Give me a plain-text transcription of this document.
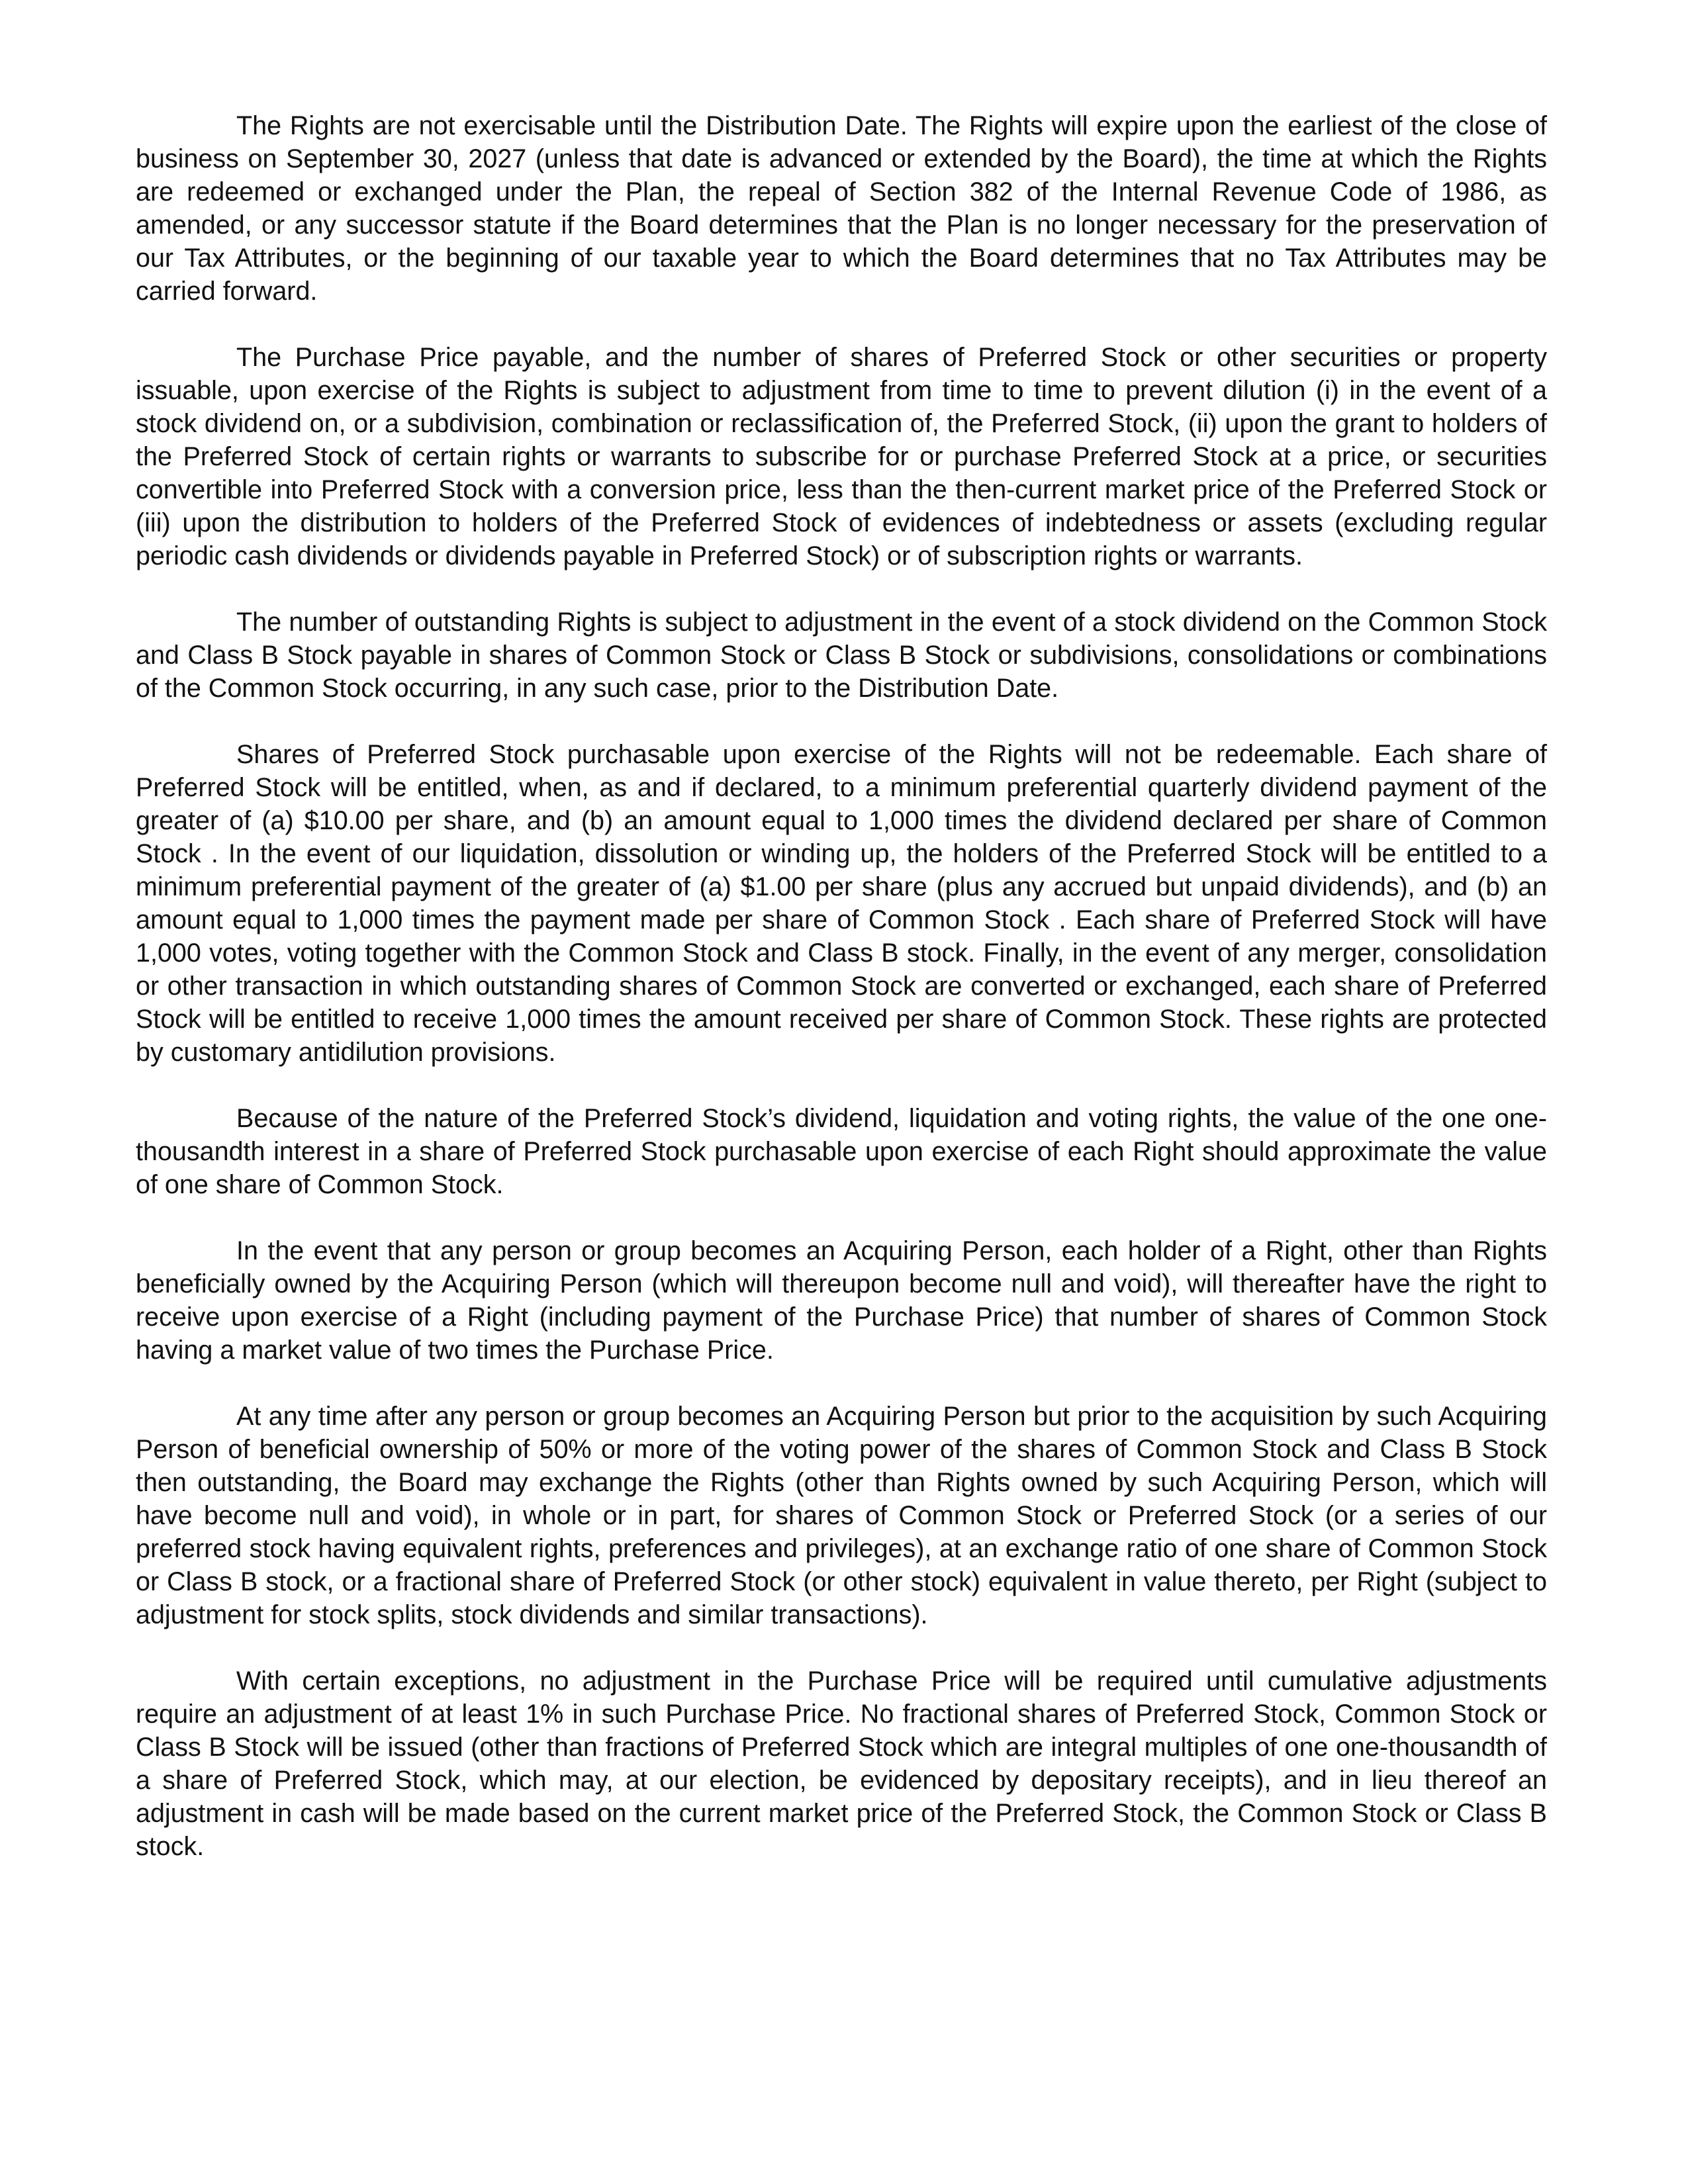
The Rights are not exercisable until the Distribution Date. The Rights will expire upon the earliest of the close of business on September 30, 2027 (unless that date is advanced or extended by the Board), the time at which the Rights are redeemed or exchanged under the Plan, the repeal of Section 382 of the Internal Revenue Code of 1986, as amended, or any successor statute if the Board determines that the Plan is no longer necessary for the preservation of our Tax Attributes, or the beginning of our taxable year to which the Board determines that no Tax Attributes may be carried forward.

The Purchase Price payable, and the number of shares of Preferred Stock or other securities or property issuable, upon exercise of the Rights is subject to adjustment from time to time to prevent dilution (i) in the event of a stock dividend on, or a subdivision, combination or reclassification of, the Preferred Stock, (ii) upon the grant to holders of the Preferred Stock of certain rights or warrants to subscribe for or purchase Preferred Stock at a price, or securities convertible into Preferred Stock with a conversion price, less than the then-current market price of the Preferred Stock or (iii) upon the distribution to holders of the Preferred Stock of evidences of indebtedness or assets (excluding regular periodic cash dividends or dividends payable in Preferred Stock) or of subscription rights or warrants.

The number of outstanding Rights is subject to adjustment in the event of a stock dividend on the Common Stock and Class B Stock payable in shares of Common Stock or Class B Stock or subdivisions, consolidations or combinations of the Common Stock occurring, in any such case, prior to the Distribution Date.

Shares of Preferred Stock purchasable upon exercise of the Rights will not be redeemable. Each share of Preferred Stock will be entitled, when, as and if declared, to a minimum preferential quarterly dividend payment of the greater of (a) $10.00 per share, and (b) an amount equal to 1,000 times the dividend declared per share of Common Stock . In the event of our liquidation, dissolution or winding up, the holders of the Preferred Stock will be entitled to a minimum preferential payment of the greater of (a) $1.00 per share (plus any accrued but unpaid dividends), and (b) an amount equal to 1,000 times the payment made per share of Common Stock . Each share of Preferred Stock will have 1,000 votes, voting together with the Common Stock and Class B stock. Finally, in the event of any merger, consolidation or other transaction in which outstanding shares of Common Stock are converted or exchanged, each share of Preferred Stock will be entitled to receive 1,000 times the amount received per share of Common Stock. These rights are protected by customary antidilution provisions.

Because of the nature of the Preferred Stock’s dividend, liquidation and voting rights, the value of the one one-thousandth interest in a share of Preferred Stock purchasable upon exercise of each Right should approximate the value of one share of Common Stock.

In the event that any person or group becomes an Acquiring Person, each holder of a Right, other than Rights beneficially owned by the Acquiring Person (which will thereupon become null and void), will thereafter have the right to receive upon exercise of a Right (including payment of the Purchase Price) that number of shares of Common Stock having a market value of two times the Purchase Price.

At any time after any person or group becomes an Acquiring Person but prior to the acquisition by such Acquiring Person of beneficial ownership of 50% or more of the voting power of the shares of Common Stock and Class B Stock then outstanding, the Board may exchange the Rights (other than Rights owned by such Acquiring Person, which will have become null and void), in whole or in part, for shares of Common Stock or Preferred Stock (or a series of our preferred stock having equivalent rights, preferences and privileges), at an exchange ratio of one share of Common Stock or Class B stock, or a fractional share of Preferred Stock (or other stock) equivalent in value thereto, per Right (subject to adjustment for stock splits, stock dividends and similar transactions).

With certain exceptions, no adjustment in the Purchase Price will be required until cumulative adjustments require an adjustment of at least 1% in such Purchase Price. No fractional shares of Preferred Stock, Common Stock or Class B Stock will be issued (other than fractions of Preferred Stock which are integral multiples of one one-thousandth of a share of Preferred Stock, which may, at our election, be evidenced by depositary receipts), and in lieu thereof an adjustment in cash will be made based on the current market price of the Preferred Stock, the Common Stock or Class B stock.
